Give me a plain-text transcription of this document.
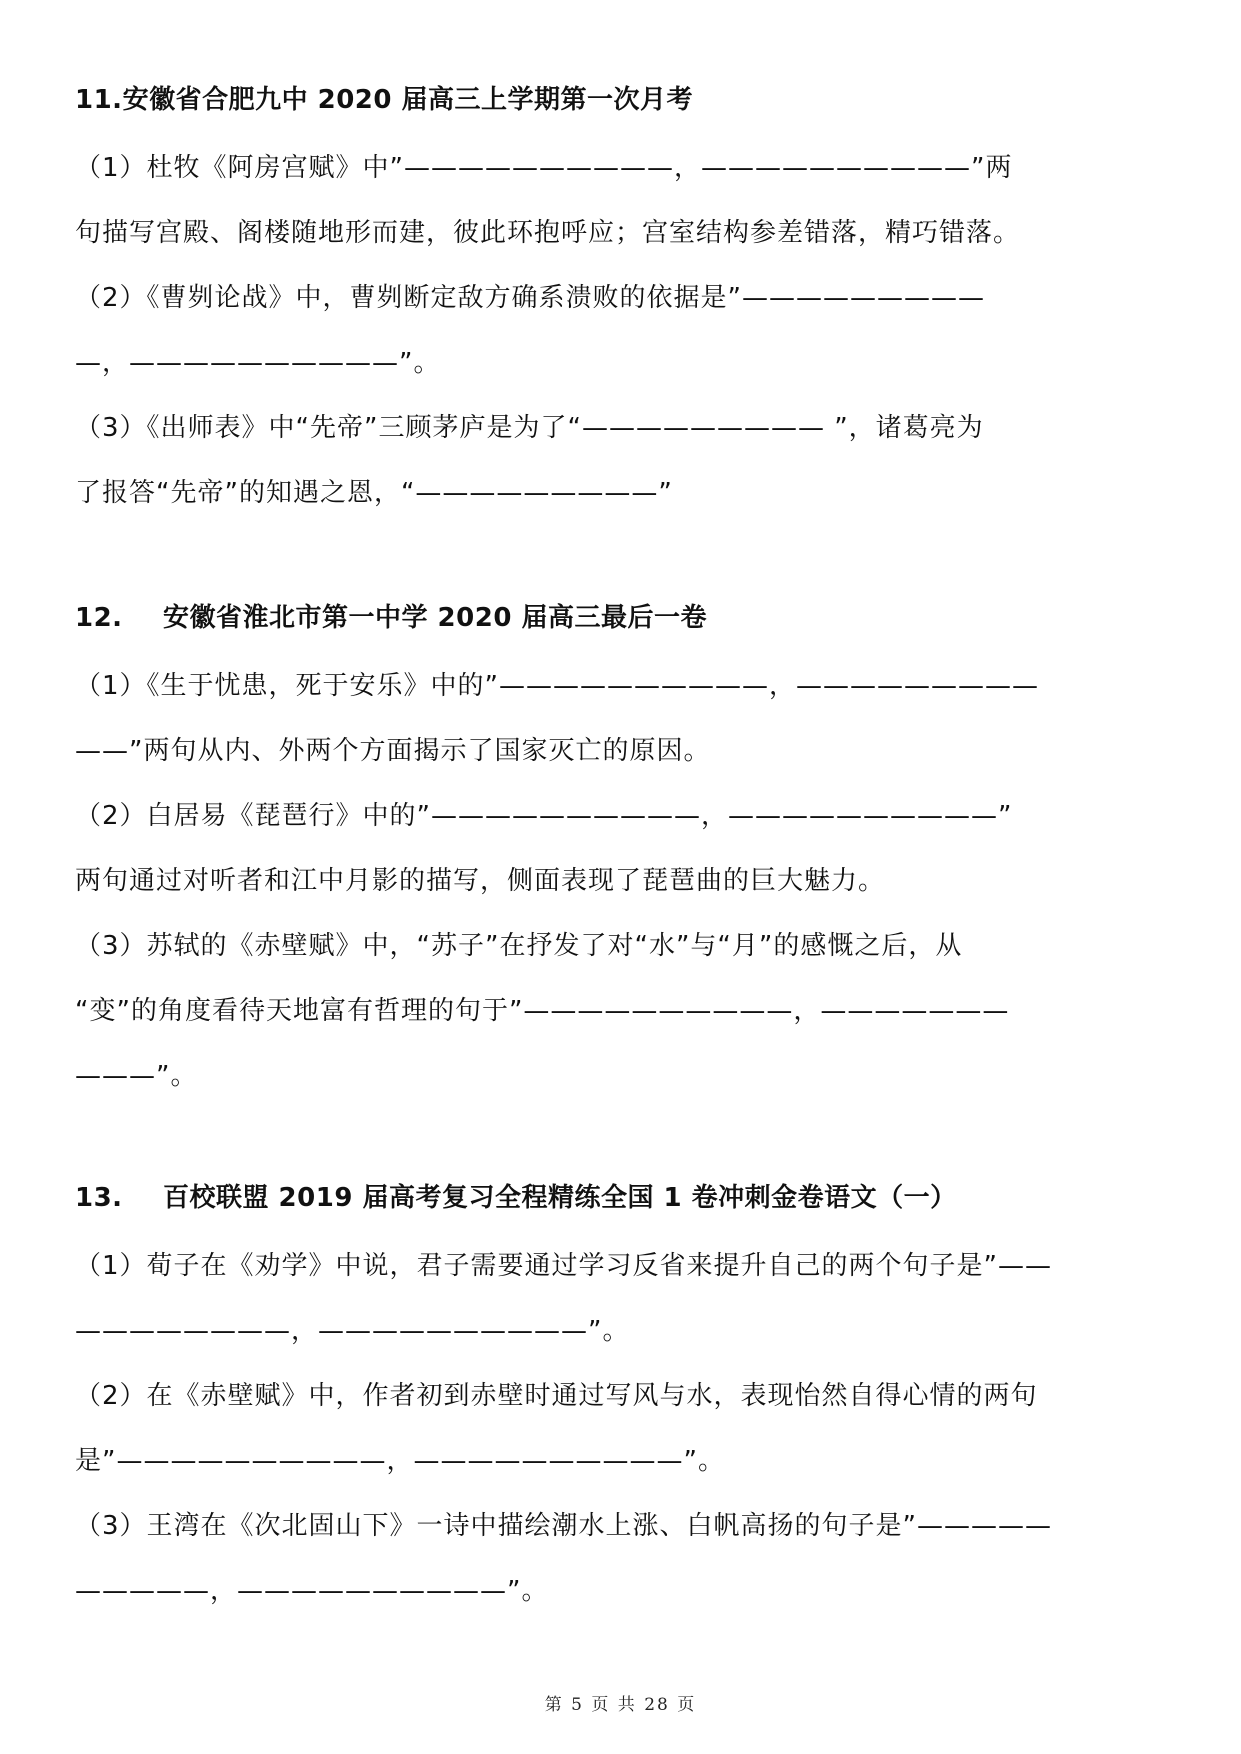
11.安徽省合肥九中 2020 届高三上学期第一次月考
（1）杜牧《阿房宫赋》中”——————————，——————————”两
句描写宫殿、阁楼随地形而建，彼此环抱呼应；宫室结构参差错落，精巧错落。
（2）《曹刿论战》中，曹刿断定敌方确系溃败的依据是”—————————
—，——————————”。
（3）《出师表》中“先帝”三顾茅庐是为了“————————— ”，诸葛亮为
了报答“先帝”的知遇之恩，“—————————”
12. 安徽省淮北市第一中学 2020 届高三最后一卷
（1）《生于忧患，死于安乐》中的”——————————，—————————
——”两句从内、外两个方面揭示了国家灭亡的原因。
（2）白居易《琵琶行》中的”——————————，——————————”
两句通过对听者和江中月影的描写，侧面表现了琵琶曲的巨大魅力。
（3）苏轼的《赤壁赋》中，“苏子”在抒发了对“水”与“月”的感慨之后，从
“变”的角度看待天地富有哲理的句于”——————————，———————
———”。
13. 百校联盟 2019 届高考复习全程精练全国 1 卷冲刺金卷语文（一）
（1）荀子在《劝学》中说，君子需要通过学习反省来提升自己的两个句子是”——
————————，——————————”。
（2）在《赤壁赋》中，作者初到赤壁时通过写风与水，表现怡然自得心情的两句
是”——————————，——————————”。
（3）王湾在《次北固山下》一诗中描绘潮水上涨、白帆高扬的句子是”—————
—————，——————————”。
第 5 页 共 28 页
